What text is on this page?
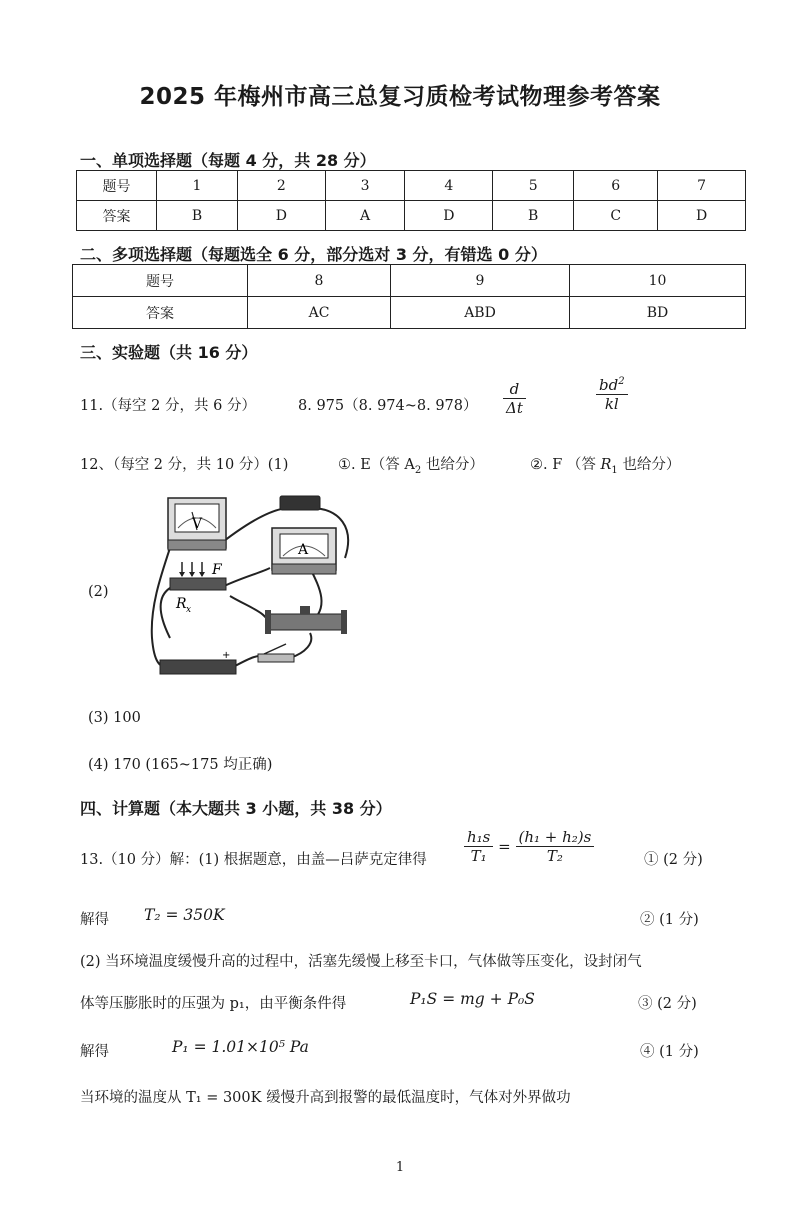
2025 年梅州市高三总复习质检考试物理参考答案
一、单项选择题（每题 4 分，共 28 分）
题号	1	2	3	4	5	6	7
答案	B	D	A	D	B	C	D
二、多项选择题（每题选全 6 分，部分选对 3 分，有错选 0 分）
题号	8	9	10
答案	AC	ABD	BD
三、实验题（共 16 分）
11.（每空 2 分，共 6 分）	8. 975（8. 974~8. $978) \frac{d}{\Delta t}$	$\frac{bd^2}{kl}$
12、（每空 2 分，共 10 分）(1)	①. E（答 $A_2$ 也给分）	②. F （答 $R_1$ 也给分）
(2)
V
A
F
R x
+
(3) 100
(4) 170 (165~175 均正确)
四、计算题（本大题共 3 小题，共 38 分）
13.（10 分）解：(1) 根据题意，由盖—吕萨克定律得 $\frac{\text{h₁s}}{\text{T₁}} = \frac{\text{(h₁ + h₂)s}}{\text{T₂}}$	① (2 分)
解得 T₂ = 350K	② (1 分)
(2) 当环境温度缓慢升高的过程中，活塞先缓慢上移至卡口，气体做等压变化，设封闭气
体等压膨胀时的压强为 p₁，由平衡条件得	P₁S = mg + P₀S	③ (2 分)
解得	P₁ = 1.01×10⁵ Pa	④ (1 分)
当环境的温度从 T₁ = 300K 缓慢升高到报警的最低温度时，气体对外界做功
1
